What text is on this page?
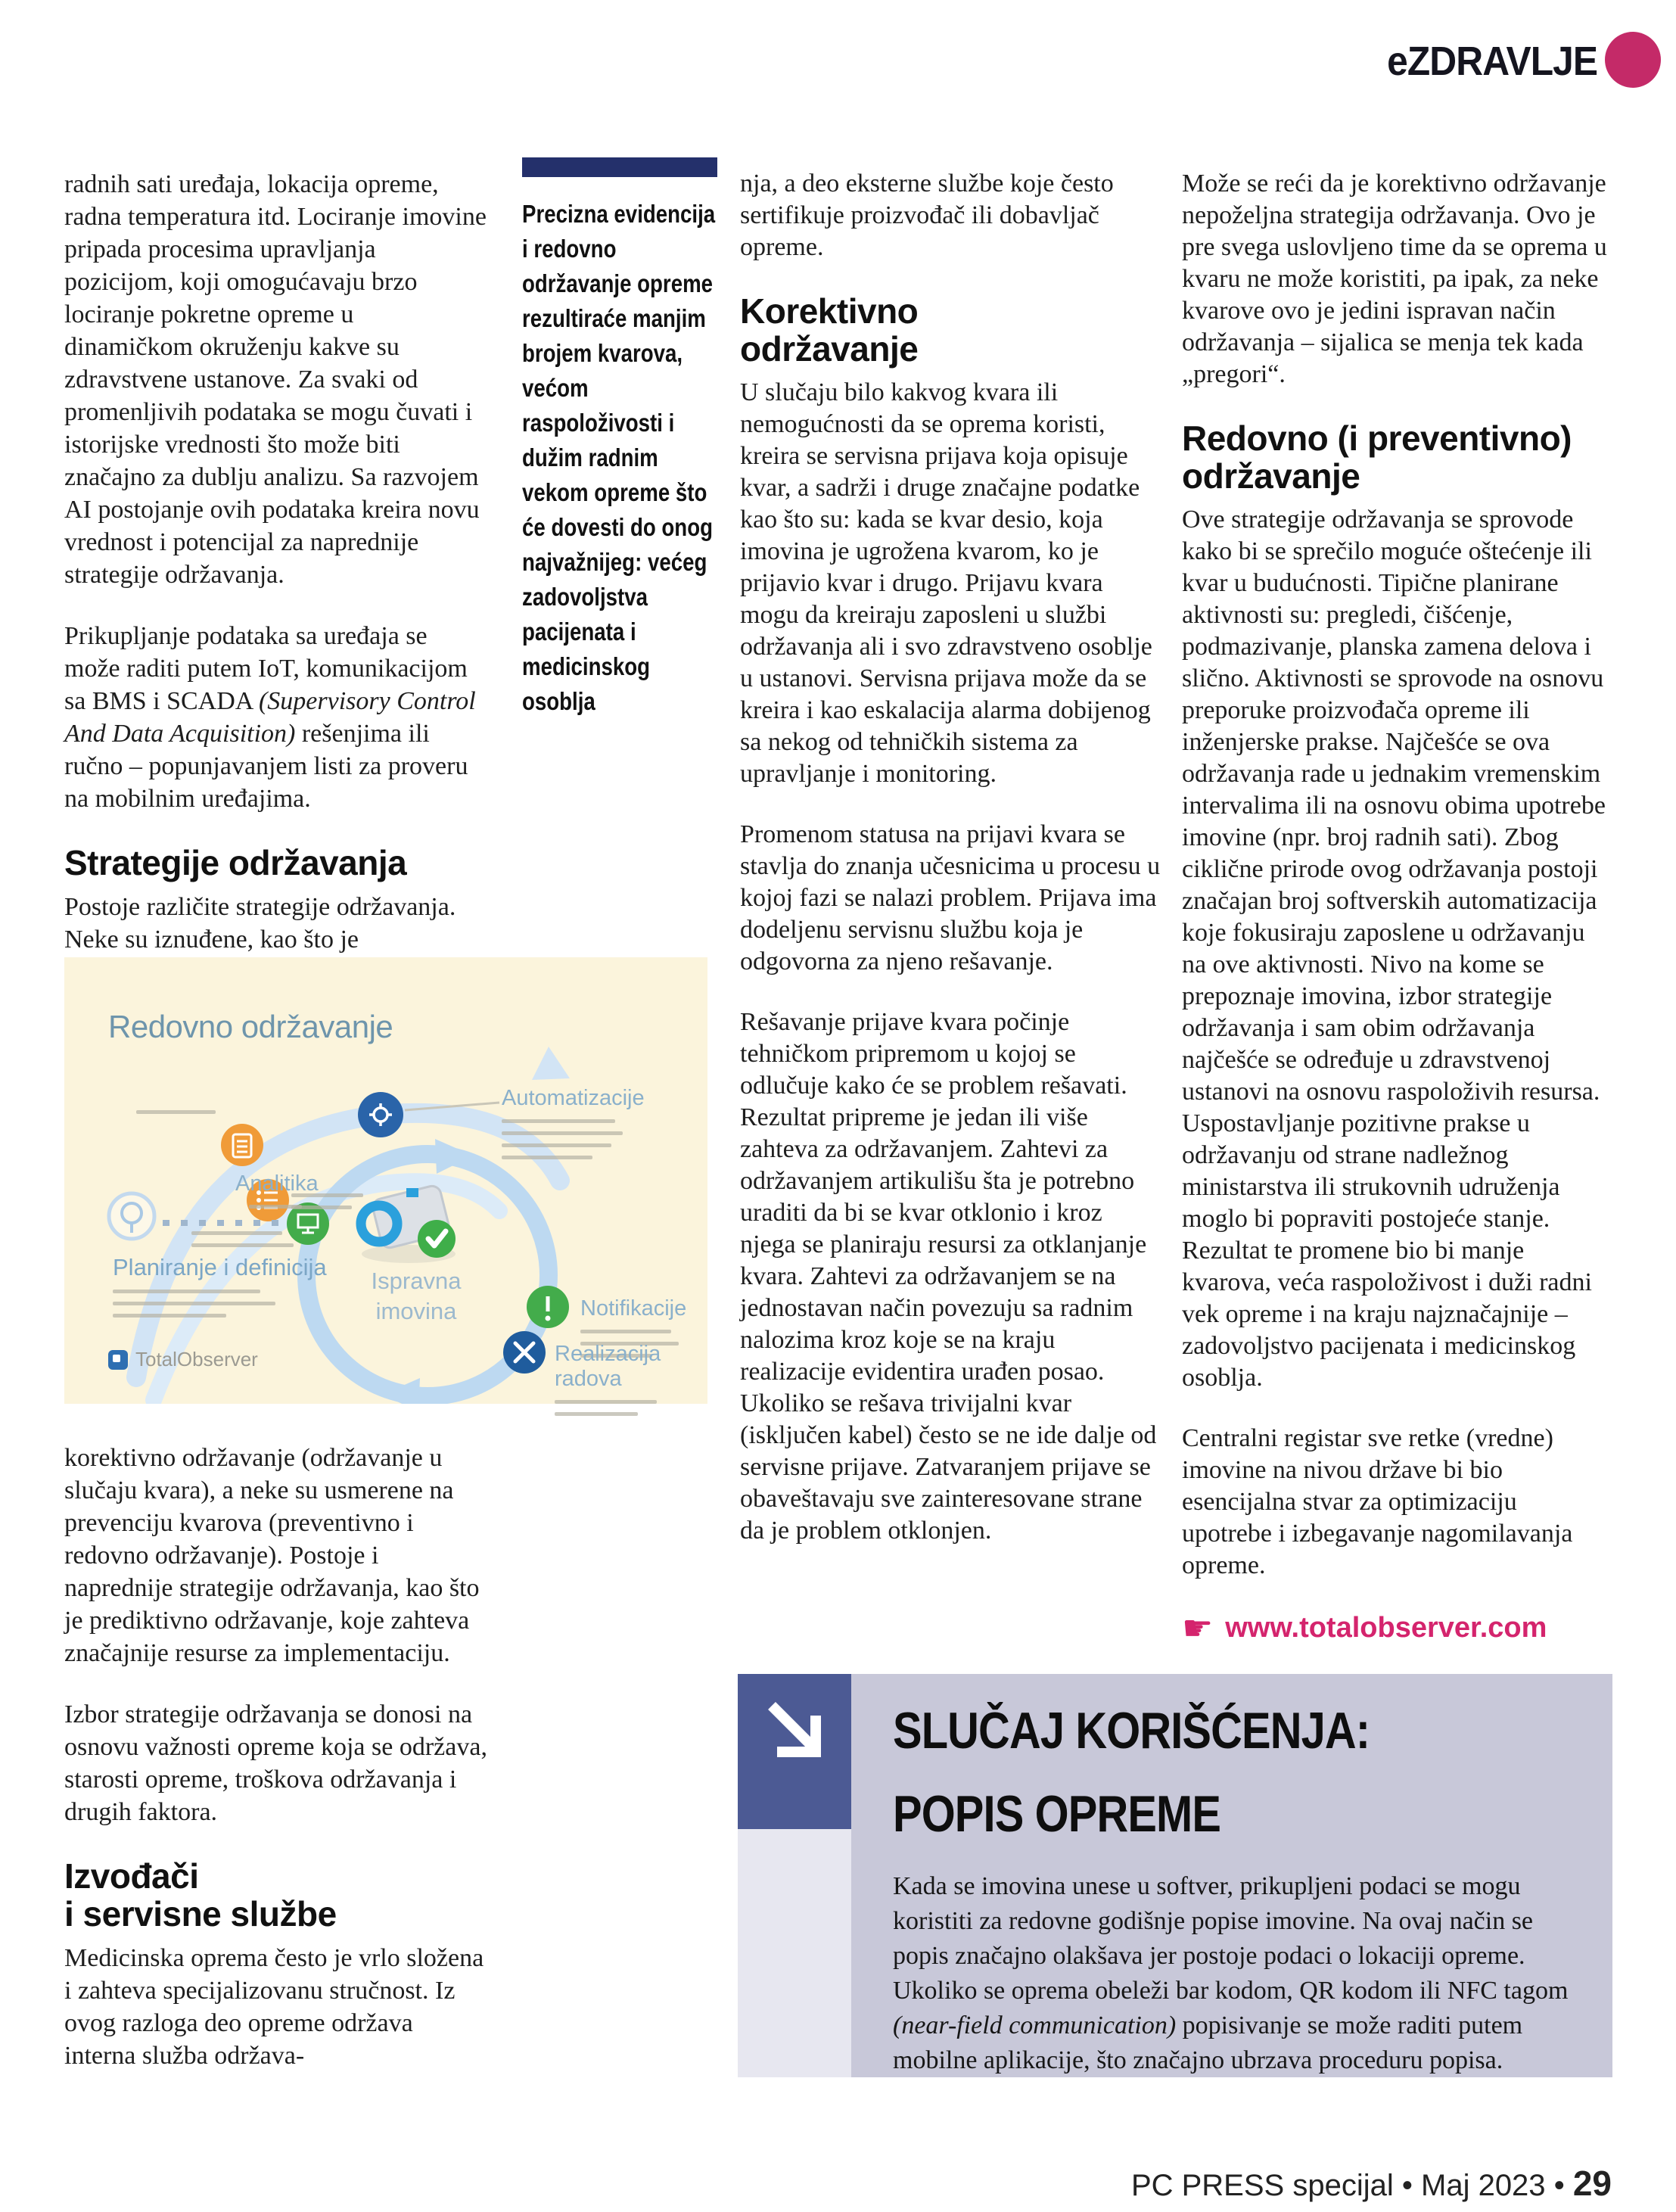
eZDRAVLJE

radnih sati uređaja, lokacija opreme, radna temperatura itd. Lociranje imovine pripada procesima upravljanja pozicijom, koji omogućavaju brzo lociranje pokretne opreme u dinamičkom okruženju kakve su zdravstvene ustanove. Za svaki od promenljivih podataka se mogu čuvati i istorijske vrednosti što može biti značajno za dublju analizu. Sa razvojem AI postojanje ovih podataka kreira novu vrednost i potencijal za naprednije strategije održavanja.

Prikupljanje podataka sa uređaja se može raditi putem IoT, komunikacijom sa BMS i SCADA (Supervisory Control And Data Acquisition) rešenjima ili ručno – popunjavanjem listi za proveru na mobilnim uređajima.

Strategije održavanja

Postoje različite strategije održavanja. Neke su iznuđene, kao što je

Precizna evidencija i redovno održavanje opreme rezultiraće manjim brojem kvarova, većom raspoloživosti i dužim radnim vekom opreme što će dovesti do onog najvažnijeg: većeg zadovoljstva pacijenata i medicinskog osoblja

nja, a deo eksterne službe koje često sertifikuje proizvođač ili dobavljač opreme.

Korektivno
održavanje

U slučaju bilo kakvog kvara ili nemogućnosti da se oprema koristi, kreira se servisna prijava koja opisuje kvar, a sadrži i druge značajne podatke kao što su: kada se kvar desio, koja imovina je ugrožena kvarom, ko je prijavio kvar i drugo. Prijavu kvara mogu da kreiraju zaposleni u službi održavanja ali i svo zdravstveno osoblje u ustanovi. Servisna prijava može da se kreira i kao eskalacija alarma dobijenog sa nekog od tehničkih sistema za upravljanje i monitoring.

Promenom statusa na prijavi kvara se stavlja do znanja učesnicima u procesu u kojoj fazi se nalazi problem. Prijava ima dodeljenu servisnu službu koja je odgovorna za njeno rešavanje.

Rešavanje prijave kvara počinje tehničkom pripremom u kojoj se odlučuje kako će se problem rešavati. Rezultat pripreme je jedan ili više zahteva za održavanjem. Zahtevi za održavanjem artikulišu šta je potrebno uraditi da bi se kvar otklonio i kroz njega se planiraju resursi za otklanjanje kvara. Zahtevi za održavanjem se na jednostavan način povezuju sa radnim nalozima kroz koje se na kraju realizacije evidentira urađen posao. Ukoliko se rešava trivijalni kvar (isključen kabel) često se ne ide dalje od servisne prijave. Zatvaranjem prijave se obaveštavaju sve zainteresovane strane da je problem otklonjen.

Može se reći da je korektivno održavanje nepoželjna strategija održavanja. Ovo je pre svega uslovljeno time da se oprema u kvaru ne može koristiti, pa ipak, za neke kvarove ovo je jedini ispravan način održavanja – sijalica se menja tek kada „pregori“.

Redovno (i preventivno)
održavanje

Ove strategije održavanja se sprovode kako bi se sprečilo moguće oštećenje ili kvar u budućnosti. Tipične planirane aktivnosti su: pregledi, čišćenje, podmazivanje, planska zamena delova i slično. Aktivnosti se sprovode na osnovu preporuke proizvođača opreme ili inženjerske prakse. Najčešće se ova održavanja rade u jednakim vremenskim intervalima ili na osnovu obima upotrebe imovine (npr. broj radnih sati). Zbog ciklične prirode ovog održavanja postoji značajan broj softverskih automatizacija koje fokusiraju zaposlene u održavanju na ove aktivnosti. Nivo na kome se prepoznaje imovina, izbor strategije održavanja i sam obim održavanja najčešće se određuje u zdravstvenoj ustanovi na osnovu raspoloživih resursa. Uspostavljanje pozitivne prakse u održavanju od strane nadležnog ministarstva ili strukovnih udruženja moglo bi popraviti postojeće stanje. Rezultat te promene bio bi manje kvarova, veća raspoloživost i duži radni vek opreme i na kraju najznačajnije – zadovoljstvo pacijenata i medicinskog osoblja.

Centralni registar sve retke (vredne) imovine na nivou države bi bio esencijalna stvar za optimizaciju upotrebe i izbegavanje nagomilavanja opreme.

☛ www.totalobserver.com
Redovno održavanje
Automatizacije
Analitika
Planiranje i definicija
Ispravna
imovina	Notifikacije
Realizacija radova
TotalObserver

korektivno održavanje (održavanje u slučaju kvara), a neke su usmerene na prevenciju kvarova (preventivno i redovno održavanje). Postoje i naprednije strategije održavanja, kao što je prediktivno održavanje, koje zahteva značajnije resurse za implementaciju.

Izbor strategije održavanja se donosi na osnovu važnosti opreme koja se održava, starosti opreme, troškova održavanja i drugih faktora.

Izvođači
i servisne službe

Medicinska oprema često je vrlo složena i zahteva specijalizovanu stručnost. Iz ovog razloga deo opreme održava interna služba održava-

SLUČAJ KORIŠĆENJA:
POPIS OPREME
Kada se imovina unese u softver, prikupljeni podaci se mogu koristiti za redovne godišnje popise imovine. Na ovaj način se popis značajno olakšava jer postoje podaci o lokaciji opreme. Ukoliko se oprema obeleži bar kodom, QR kodom ili NFC tagom (near-field communication) popisivanje se može raditi putem mobilne aplikacije, što značajno ubrzava proceduru popisa.
PC PRESS specijal • Maj 2023 • 29
